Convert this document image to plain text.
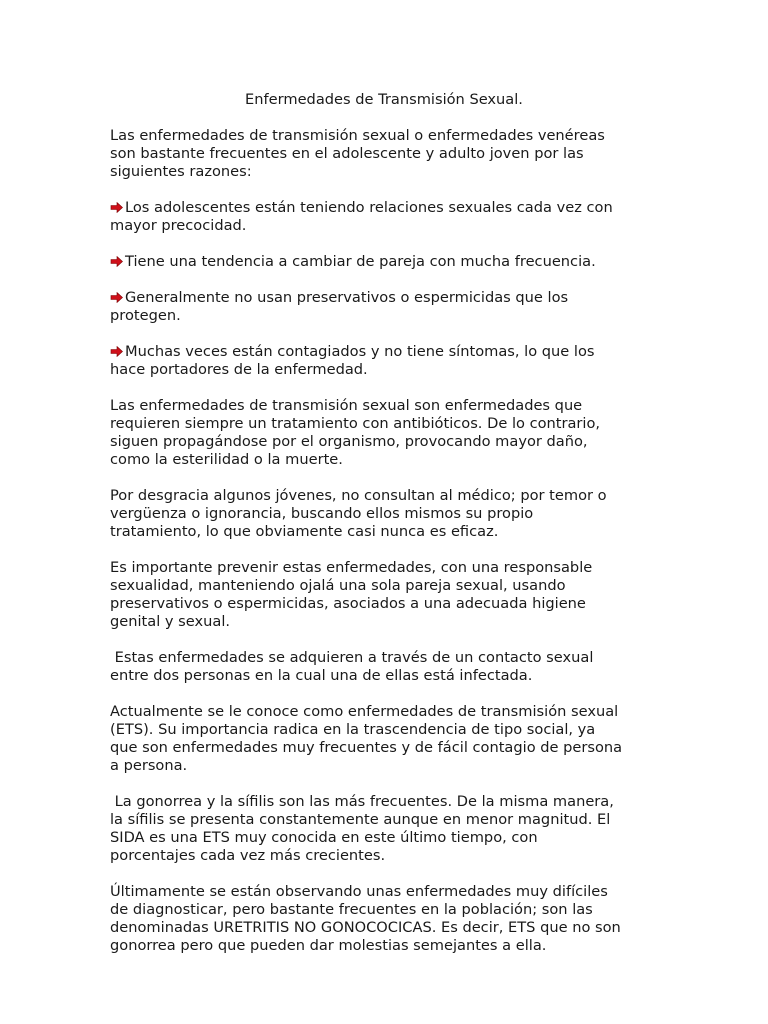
Enfermedades de Transmisión Sexual.
Las enfermedades de transmisión sexual o enfermedades venéreas
son bastante frecuentes en el adolescente y adulto joven por las
siguientes razones:
Los adolescentes están teniendo relaciones sexuales cada vez con
mayor precocidad.
Tiene una tendencia a cambiar de pareja con mucha frecuencia.
Generalmente no usan preservativos o espermicidas que los
protegen.
Muchas veces están contagiados y no tiene síntomas, lo que los
hace portadores de la enfermedad.
Las enfermedades de transmisión sexual son enfermedades que
requieren siempre un tratamiento con antibióticos. De lo contrario,
siguen propagándose por el organismo, provocando mayor daño,
como la esterilidad o la muerte.
Por desgracia algunos jóvenes, no consultan al médico; por temor o
vergüenza o ignorancia, buscando ellos mismos su propio
tratamiento, lo que obviamente casi nunca es eficaz.
Es importante prevenir estas enfermedades, con una responsable
sexualidad, manteniendo ojalá una sola pareja sexual, usando
preservativos o espermicidas, asociados a una adecuada higiene
genital y sexual.
Estas enfermedades se adquieren a través de un contacto sexual
entre dos personas en la cual una de ellas está infectada.
Actualmente se le conoce como enfermedades de transmisión sexual
(ETS). Su importancia radica en la trascendencia de tipo social, ya
que son enfermedades muy frecuentes y de fácil contagio de persona
a persona.
La gonorrea y la sífilis son las más frecuentes. De la misma manera,
la sífilis se presenta constantemente aunque en menor magnitud. El
SIDA es una ETS muy conocida en este último tiempo, con
porcentajes cada vez más crecientes.
Últimamente se están observando unas enfermedades muy difíciles
de diagnosticar, pero bastante frecuentes en la población; son las
denominadas URETRITIS NO GONOCOCICAS. Es decir, ETS que no son
gonorrea pero que pueden dar molestias semejantes a ella.
